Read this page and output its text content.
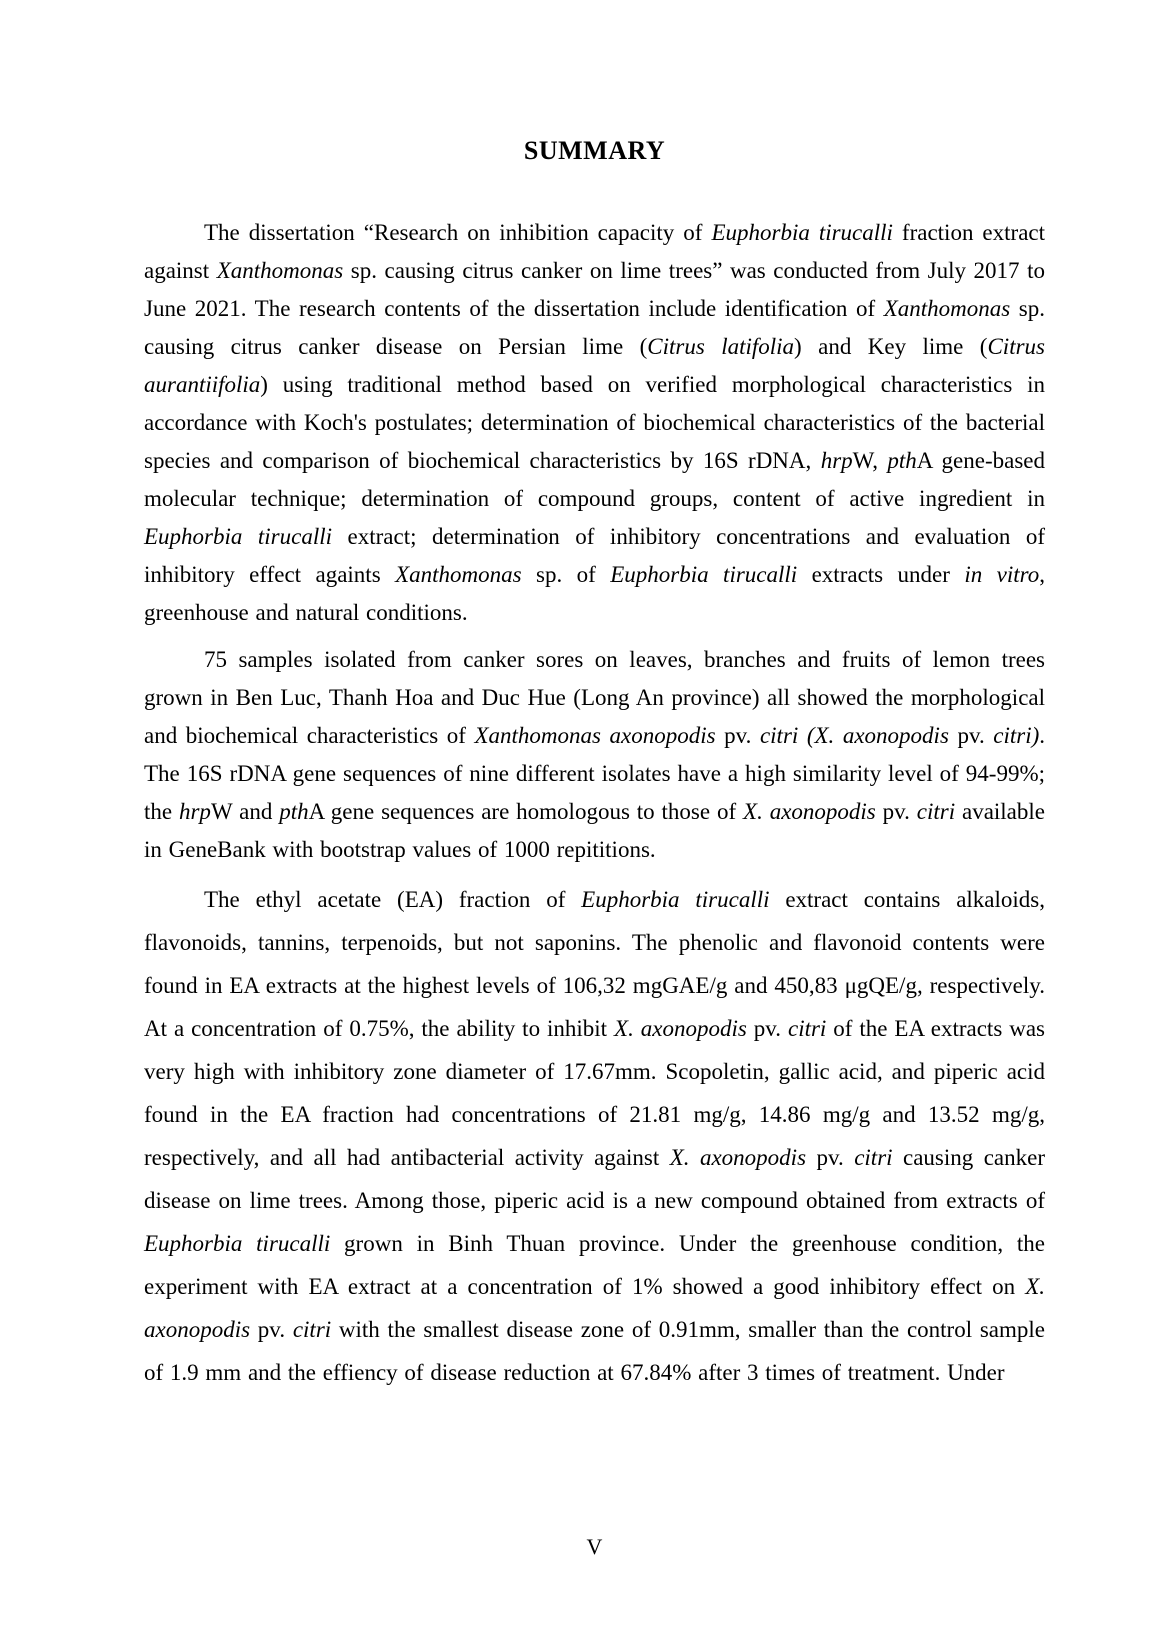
SUMMARY

The dissertation “Research on inhibition capacity of Euphorbia tirucalli fraction extract against Xanthomonas sp. causing citrus canker on lime trees” was conducted from July 2017 to June 2021. The research contents of the dissertation include identification of Xanthomonas sp. causing citrus canker disease on Persian lime (Citrus latifolia) and Key lime (Citrus aurantiifolia) using traditional method based on verified morphological characteristics in accordance with Koch's postulates; determination of biochemical characteristics of the bacterial species and comparison of biochemical characteristics by 16S rDNA, hrpW, pthA gene-based molecular technique; determination of compound groups, content of active ingredient in Euphorbia tirucalli extract; determination of inhibitory concentrations and evaluation of inhibitory effect againts Xanthomonas sp. of Euphorbia tirucalli extracts under in vitro, greenhouse and natural conditions.

75 samples isolated from canker sores on leaves, branches and fruits of lemon trees grown in Ben Luc, Thanh Hoa and Duc Hue (Long An province) all showed the morphological and biochemical characteristics of Xanthomonas axonopodis pv. citri (X. axonopodis pv. citri). The 16S rDNA gene sequences of nine different isolates have a high similarity level of 94-99%; the hrpW and pthA gene sequences are homologous to those of X. axonopodis pv. citri available in GeneBank with bootstrap values of 1000 repititions.

The ethyl acetate (EA) fraction of Euphorbia tirucalli extract contains alkaloids, flavonoids, tannins, terpenoids, but not saponins. The phenolic and flavonoid contents were found in EA extracts at the highest levels of 106,32 mgGAE/g and 450,83 μgQE/g, respectively. At a concentration of 0.75%, the ability to inhibit X. axonopodis pv. citri of the EA extracts was very high with inhibitory zone diameter of 17.67mm. Scopoletin, gallic acid, and piperic acid found in the EA fraction had concentrations of 21.81 mg/g, 14.86 mg/g and 13.52 mg/g, respectively, and all had antibacterial activity against X. axonopodis pv. citri causing canker disease on lime trees. Among those, piperic acid is a new compound obtained from extracts of Euphorbia tirucalli grown in Binh Thuan province. Under the greenhouse condition, the experiment with EA extract at a concentration of 1% showed a good inhibitory effect on X. axonopodis pv. citri with the smallest disease zone of 0.91mm, smaller than the control sample of 1.9 mm and the effiency of disease reduction at 67.84% after 3 times of treatment. Under

V
